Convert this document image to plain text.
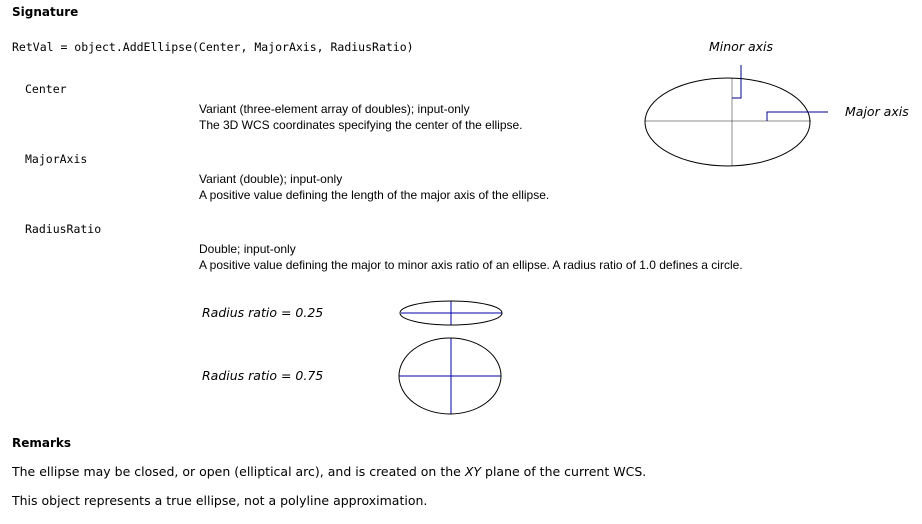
Signature
RetVal = object.AddEllipse(Center, MajorAxis, RadiusRatio)
Center
Variant (three-element array of doubles); input-only
The 3D WCS coordinates specifying the center of the ellipse.
MajorAxis
Variant (double); input-only
A positive value defining the length of the major axis of the ellipse.
RadiusRatio
Double; input-only
A positive value defining the major to minor axis ratio of an ellipse. A radius ratio of 1.0 defines a circle.
Minor axis
Major axis
Radius ratio = 0.25
Radius ratio = 0.75
Remarks
The ellipse may be closed, or open (elliptical arc), and is created on the XY plane of the current WCS.
This object represents a true ellipse, not a polyline approximation.
